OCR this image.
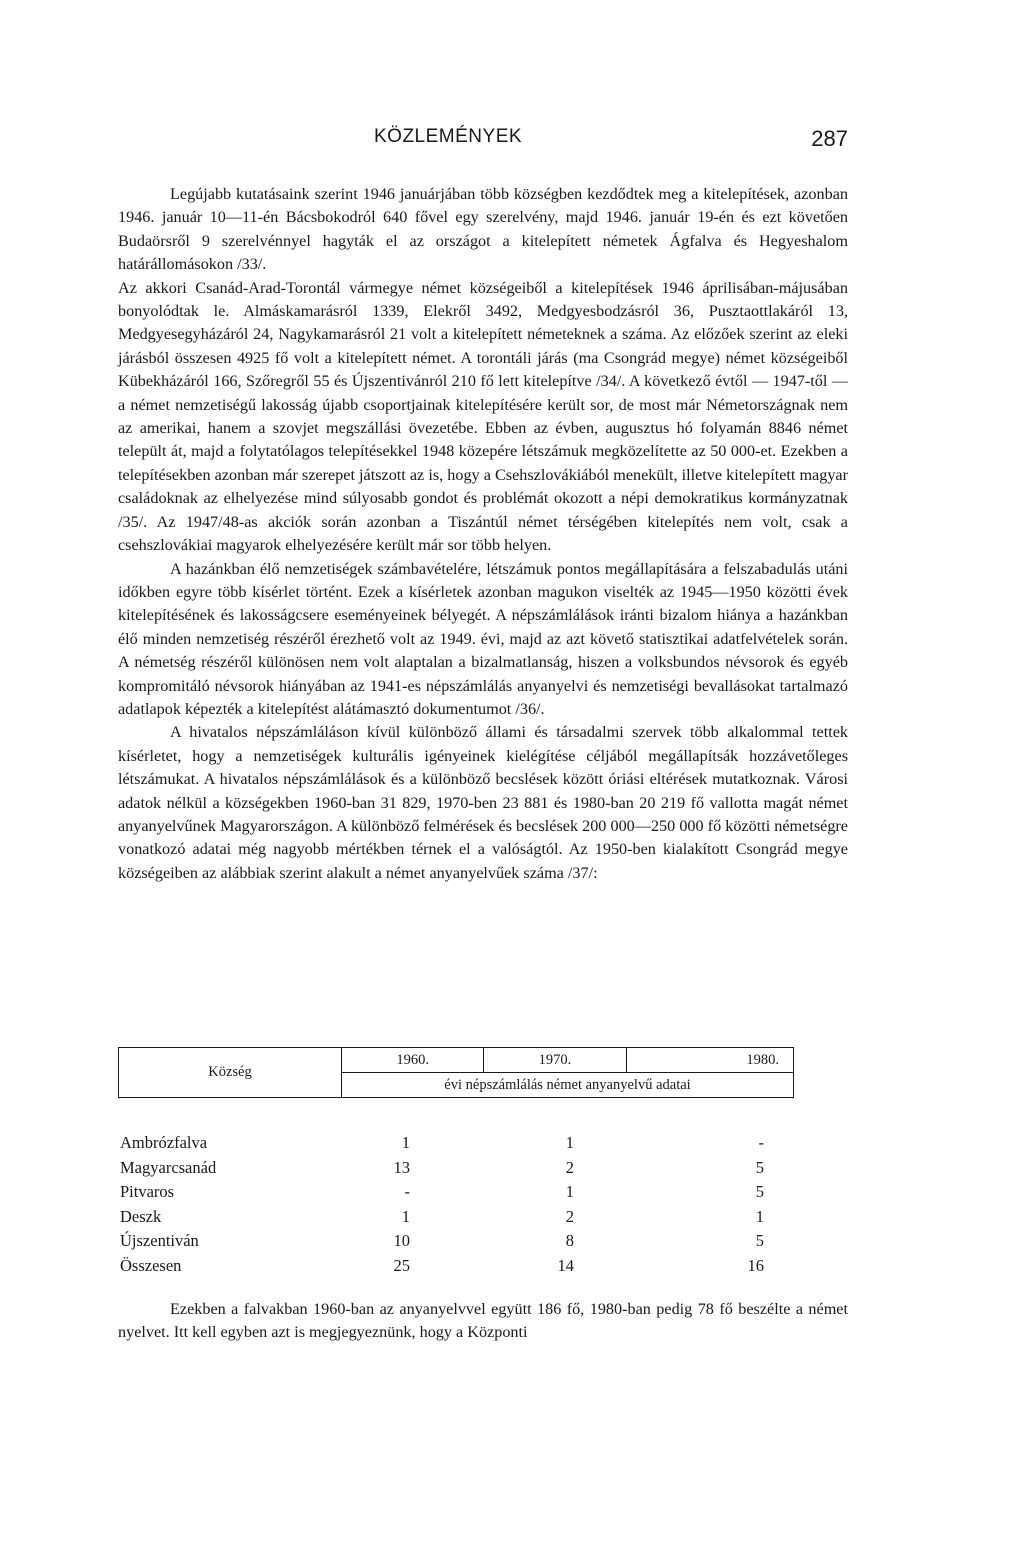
KÖZLEMÉNYEK	287

Legújabb kutatásaink szerint 1946 januárjában több községben kezdődtek meg a kitelepítések, azonban 1946. január 10—11-én Bácsbokodról 640 fővel egy szerelvény, majd 1946. január 19-én és ezt követően Budaörsről 9 szerelvénnyel hagyták el az országot a kitelepített németek Ágfalva és Hegyeshalom határállomásokon /33/.

Az akkori Csanád-Arad-Torontál vármegye német községeiből a kitelepítések 1946 áprilisában-májusában bonyolódtak le. Almáskamarásról 1339, Elekről 3492, Medgyesbodzásról 36, Pusztaottlakáról 13, Medgyesegyházáról 24, Nagykamarásról 21 volt a kitelepített németeknek a száma. Az előzőek szerint az eleki járásból összesen 4925 fő volt a kitelepített német. A torontáli járás (ma Csongrád megye) német községeiből Kübekházáról 166, Szőregről 55 és Újszentivánról 210 fő lett kitelepítve /34/. A következő évtől — 1947-től — a német nemzetiségű lakosság újabb csoportjainak kitelepítésére került sor, de most már Németországnak nem az amerikai, hanem a szovjet megszállási övezetébe. Ebben az évben, augusztus hó folyamán 8846 német települt át, majd a folytatólagos telepítésekkel 1948 közepére létszámuk megközelítette az 50 000-et. Ezekben a telepítésekben azonban már szerepet játszott az is, hogy a Csehszlovákiából menekült, illetve kitelepített magyar családoknak az elhelyezése mind súlyosabb gondot és problémát okozott a népi demokratikus kormányzatnak /35/. Az 1947/48-as akciók során azonban a Tiszántúl német térségében kitelepítés nem volt, csak a csehszlovákiai magyarok elhelyezésére került már sor több helyen.

A hazánkban élő nemzetiségek számbavételére, létszámuk pontos megállapítására a felszabadulás utáni időkben egyre több kísérlet történt. Ezek a kísérletek azonban magukon viselték az 1945—1950 közötti évek kitelepítésének és lakosságcsere eseményeinek bélyegét. A népszámlálások iránti bizalom hiánya a hazánkban élő minden nemzetiség részéről érezhető volt az 1949. évi, majd az azt követő statisztikai adatfelvételek során. A németség részéről különösen nem volt alaptalan a bizalmatlanság, hiszen a volksbundos névsorok és egyéb kompromitáló névsorok hiányában az 1941-es népszámlálás anyanyelvi és nemzetiségi bevallásokat tartalmazó adatlapok képezték a kitelepítést alátámasztó dokumentumot /36/.

A hivatalos népszámláláson kívül különböző állami és társadalmi szervek több alkalommal tettek kísérletet, hogy a nemzetiségek kulturális igényeinek kielégítése céljából megállapítsák hozzávetőleges létszámukat. A hivatalos népszámlálások és a különböző becslések között óriási eltérések mutatkoznak. Városi adatok nélkül a községekben 1960-ban 31 829, 1970-ben 23 881 és 1980-ban 20 219 fő vallotta magát német anyanyelvűnek Magyarországon. A különböző felmérések és becslések 200 000—250 000 fő közötti németségre vonatkozó adatai még nagyobb mértékben térnek el a valóságtól. Az 1950-ben kialakított Csongrád megye községeiben az alábbiak szerint alakult a német anyanyelvűek száma /37/:

Község	1960.	1970.	1980.
évi népszámlálás német anyanyelvű adatai
Ambrózfalva	1	1	-
Magyarcsanád	13	2	5
Pitvaros	-	1	5
Deszk	1	2	1
Újszentiván	10	8	5
Összesen	25	14	16

Ezekben a falvakban 1960-ban az anyanyelvvel együtt 186 fő, 1980-ban pedig 78 fő beszélte a német nyelvet. Itt kell egyben azt is megjegyeznünk, hogy a Központi
